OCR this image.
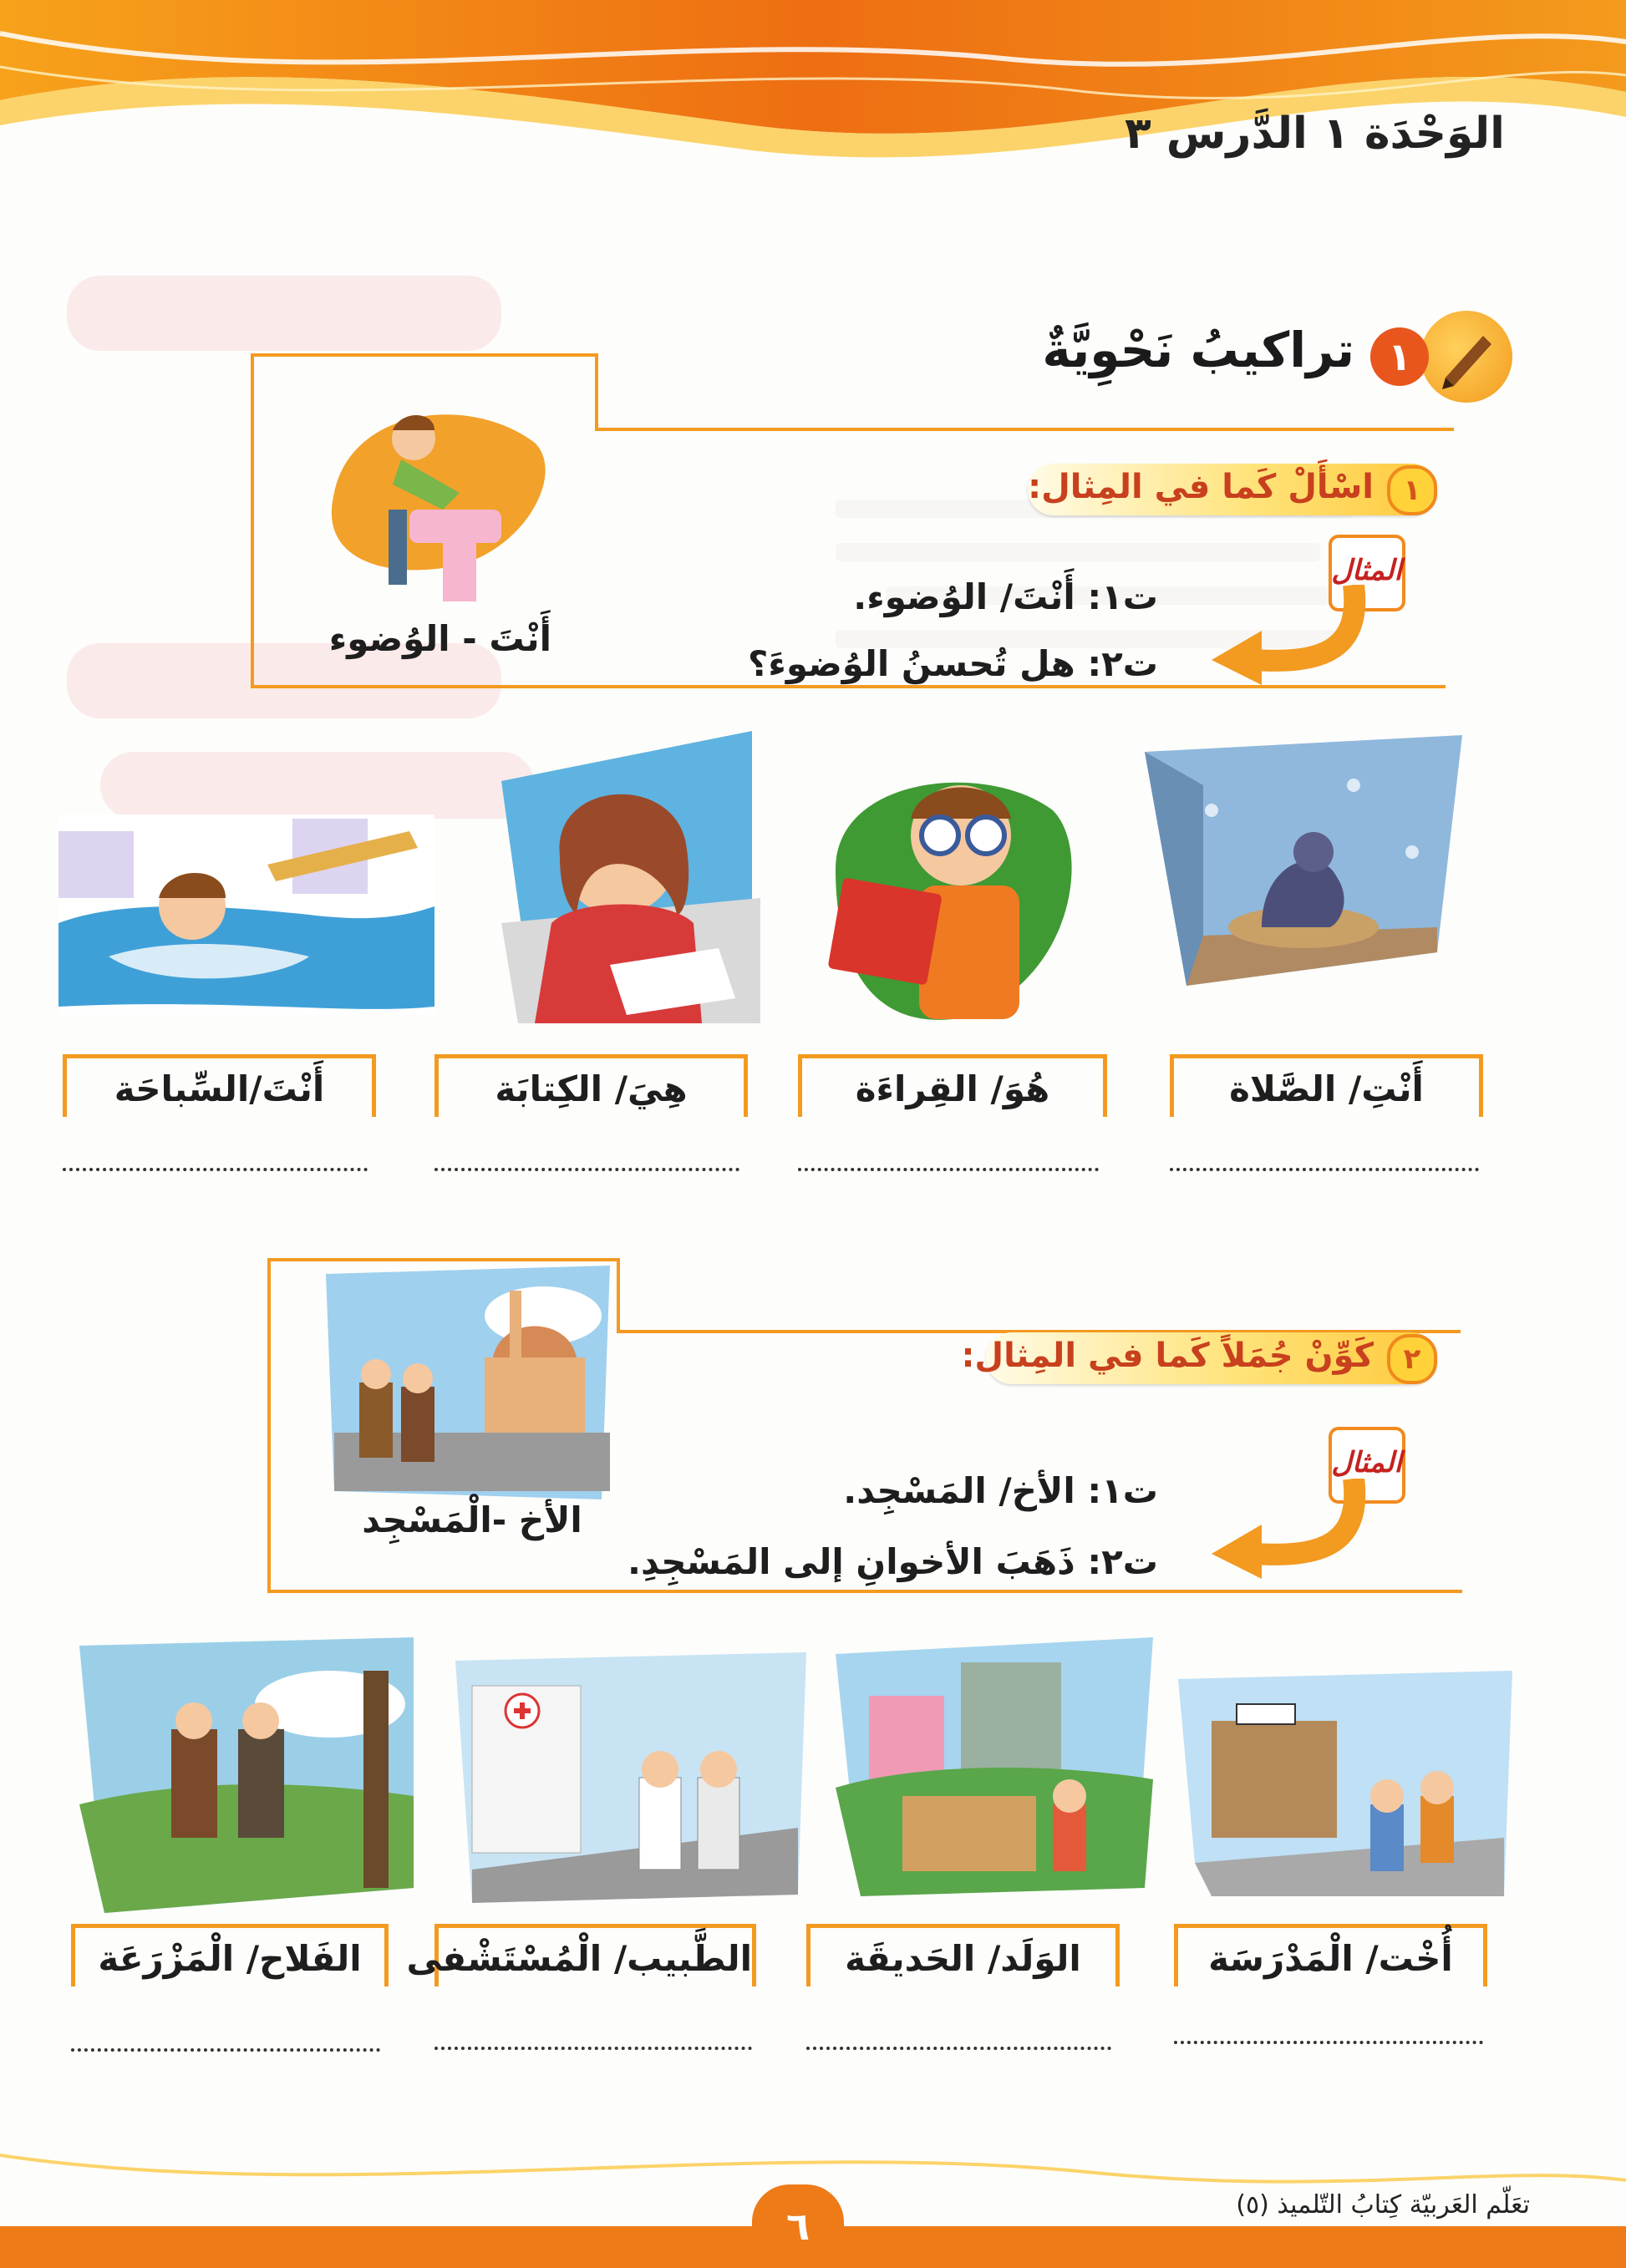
الوَحْدَة ١ الدَّرس ٣
١
تراكيبُ نَحْوِيَّةٌ
أَنْتَ - الوُضوء
١
اسْأَلْ كَما في المِثال:
المثال
ت١: أَنْتَ/ الوُضوء.
ت٢: هل تُحسنُ الوُضوءَ؟
أَنْتِ/ الصَّلاة
هُوَ/ القِراءَة
هِيَ/ الكِتابَة
أَنْتَ/السِّباحَة
الأخ -الْمَسْجِد
٢
كَوِّنْ جُمَلاً كَما في المِثال:
المثال
ت١: الأخ/ المَسْجِد.
ت٢: ذَهَبَ الأخوانِ إلى المَسْجِدِ.
أُخْت/ الْمَدْرَسَة
الوَلَد/ الحَديقَة
الطَّبيب/ الْمُسْتَشْفى
الفَلاح/ الْمَزْرَعَة
٦	تعَلّم العَربيّة كِتابُ التّلميذ (٥)
